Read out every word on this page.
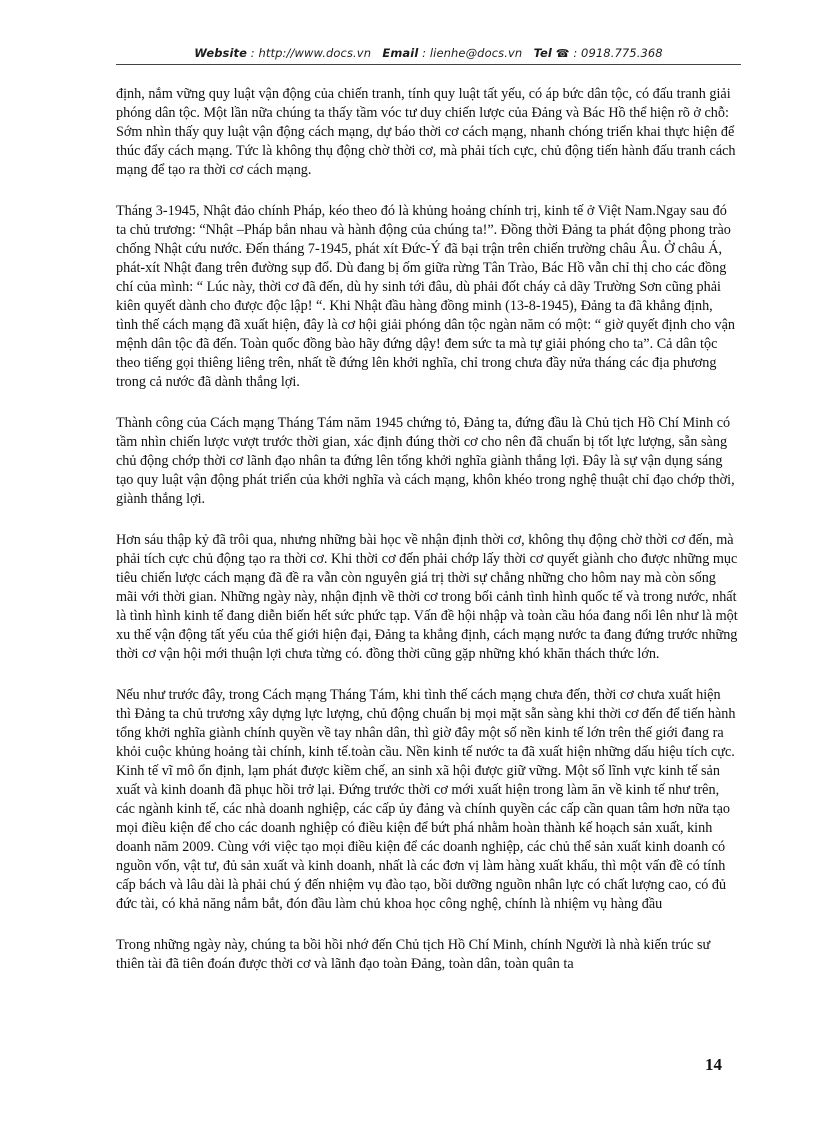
Website : http://www.docs.vn Email : lienhe@docs.vn Tel ☎ : 0918.775.368

định, nắm vững quy luật vận động của chiến tranh, tính quy luật tất yếu, có áp bức dân tộc, có đấu tranh giải phóng dân tộc. Một lần nữa chúng ta thấy tầm vóc tư duy chiến lược của Đảng và Bác Hồ thể hiện rõ ở chỗ: Sớm nhìn thấy quy luật vận động cách mạng, dự báo thời cơ cách mạng, nhanh chóng triển khai thực hiện để thúc đẩy cách mạng. Tức là không thụ động chờ thời cơ, mà phải tích cực, chủ động tiến hành đấu tranh cách mạng để tạo ra thời cơ cách mạng.

Tháng 3-1945, Nhật đảo chính Pháp, kéo theo đó là khủng hoảng chính trị, kinh tế ở Việt Nam.Ngay sau đó ta chủ trương: “Nhật –Pháp bắn nhau và hành động của chúng ta!”. Đồng thời Đảng ta phát động phong trào chống Nhật cứu nước. Đến tháng 7-1945, phát xít Đức-Ý đã bại trận trên chiến trường châu Âu. Ở châu Á, phát-xít Nhật đang trên đường sụp đổ. Dù đang bị ốm giữa rừng Tân Trào, Bác Hồ vẫn chỉ thị cho các đồng chí của mình: “ Lúc này, thời cơ đã đến, dù hy sinh tới đâu, dù phải đốt cháy cả dãy Trường Sơn cũng phải kiên quyết dành cho được độc lập! “. Khi Nhật đầu hàng đồng minh (13-8-1945), Đảng ta đã khẳng định, tình thế cách mạng đã xuất hiện, đây là cơ hội giải phóng dân tộc ngàn năm có một: “ giờ quyết định cho vận mệnh dân tộc đã đến. Toàn quốc đồng bào hãy đứng dậy! đem sức ta mà tự giải phóng cho ta”. Cả dân tộc theo tiếng gọi thiêng liêng trên, nhất tề đứng lên khởi nghĩa, chỉ trong chưa đầy nửa tháng các địa phương trong cả nước đã dành thắng lợi.

Thành công của Cách mạng Tháng Tám năm 1945 chứng tỏ, Đảng ta, đứng đầu là Chủ tịch Hồ Chí Minh có tầm nhìn chiến lược vượt trước thời gian, xác định đúng thời cơ cho nên đã chuẩn bị tốt lực lượng, sẵn sàng chủ động chớp thời cơ lãnh đạo nhân ta đứng lên tổng khởi nghĩa giành thắng lợi. Đây là sự vận dụng sáng tạo quy luật vận động phát triển của khởi nghĩa và cách mạng, khôn khéo trong nghệ thuật chỉ đạo chớp thời, giành thắng lợi.

Hơn sáu thập kỷ đã trôi qua, nhưng những bài học về nhận định thời cơ, không thụ động chờ thời cơ đến, mà phải tích cực chủ động tạo ra thời cơ. Khi thời cơ đến phải chớp lấy thời cơ quyết giành cho được những mục tiêu chiến lược cách mạng đã đề ra vẫn còn nguyên giá trị thời sự chẳng những cho hôm nay mà còn sống mãi với thời gian. Những ngày này, nhận định về thời cơ trong bối cảnh tình hình quốc tế và trong nước, nhất là tình hình kinh tế đang diễn biến hết sức phức tạp. Vấn đề hội nhập và toàn cầu hóa đang nổi lên như là một xu thế vận động tất yếu của thế giới hiện đại, Đảng ta khẳng định, cách mạng nước ta đang đứng trước những thời cơ vận hội mới thuận lợi chưa từng có. đồng thời cũng gặp những khó khăn thách thức lớn.

Nếu như trước đây, trong Cách mạng Tháng Tám, khi tình thế cách mạng chưa đến, thời cơ chưa xuất hiện thì Đảng ta chủ trương xây dựng lực lượng, chủ động chuẩn bị mọi mặt sẵn sàng khi thời cơ đến để tiến hành tổng khởi nghĩa giành chính quyền về tay nhân dân, thì giờ đây một số nền kinh tế lớn trên thế giới đang ra khỏi cuộc khủng hoảng tài chính, kinh tế.toàn cầu. Nền kinh tế nước ta đã xuất hiện những dấu hiệu tích cực. Kinh tế vĩ mô ổn định, lạm phát được kiềm chế, an sinh xã hội được giữ vững. Một số lĩnh vực kinh tế sản xuất và kinh doanh đã phục hồi trở lại. Đứng trước thời cơ mới xuất hiện trong làm ăn về kinh tế như trên, các ngành kinh tế, các nhà doanh nghiệp, các cấp ủy đảng và chính quyền các cấp cần quan tâm hơn nữa tạo mọi điều kiện để cho các doanh nghiệp có điều kiện để bứt phá nhằm hoàn thành kế hoạch sản xuất, kinh doanh năm 2009. Cùng với việc tạo mọi điều kiện để các doanh nghiệp, các chủ thể sản xuất kinh doanh có nguồn vốn, vật tư, đủ sản xuất và kinh doanh, nhất là các đơn vị làm hàng xuất khẩu, thì một vấn đề có tính cấp bách và lâu dài là phải chú ý đến nhiệm vụ đào tạo, bồi dưỡng nguồn nhân lực có chất lượng cao, có đủ đức tài, có khả năng nắm bắt, đón đầu làm chủ khoa học công nghệ, chính là nhiệm vụ hàng đầu

Trong những ngày này, chúng ta bồi hồi nhớ đến Chủ tịch Hồ Chí Minh, chính Người là nhà kiến trúc sư thiên tài đã tiên đoán được thời cơ và lãnh đạo toàn Đảng, toàn dân, toàn quân ta

14
